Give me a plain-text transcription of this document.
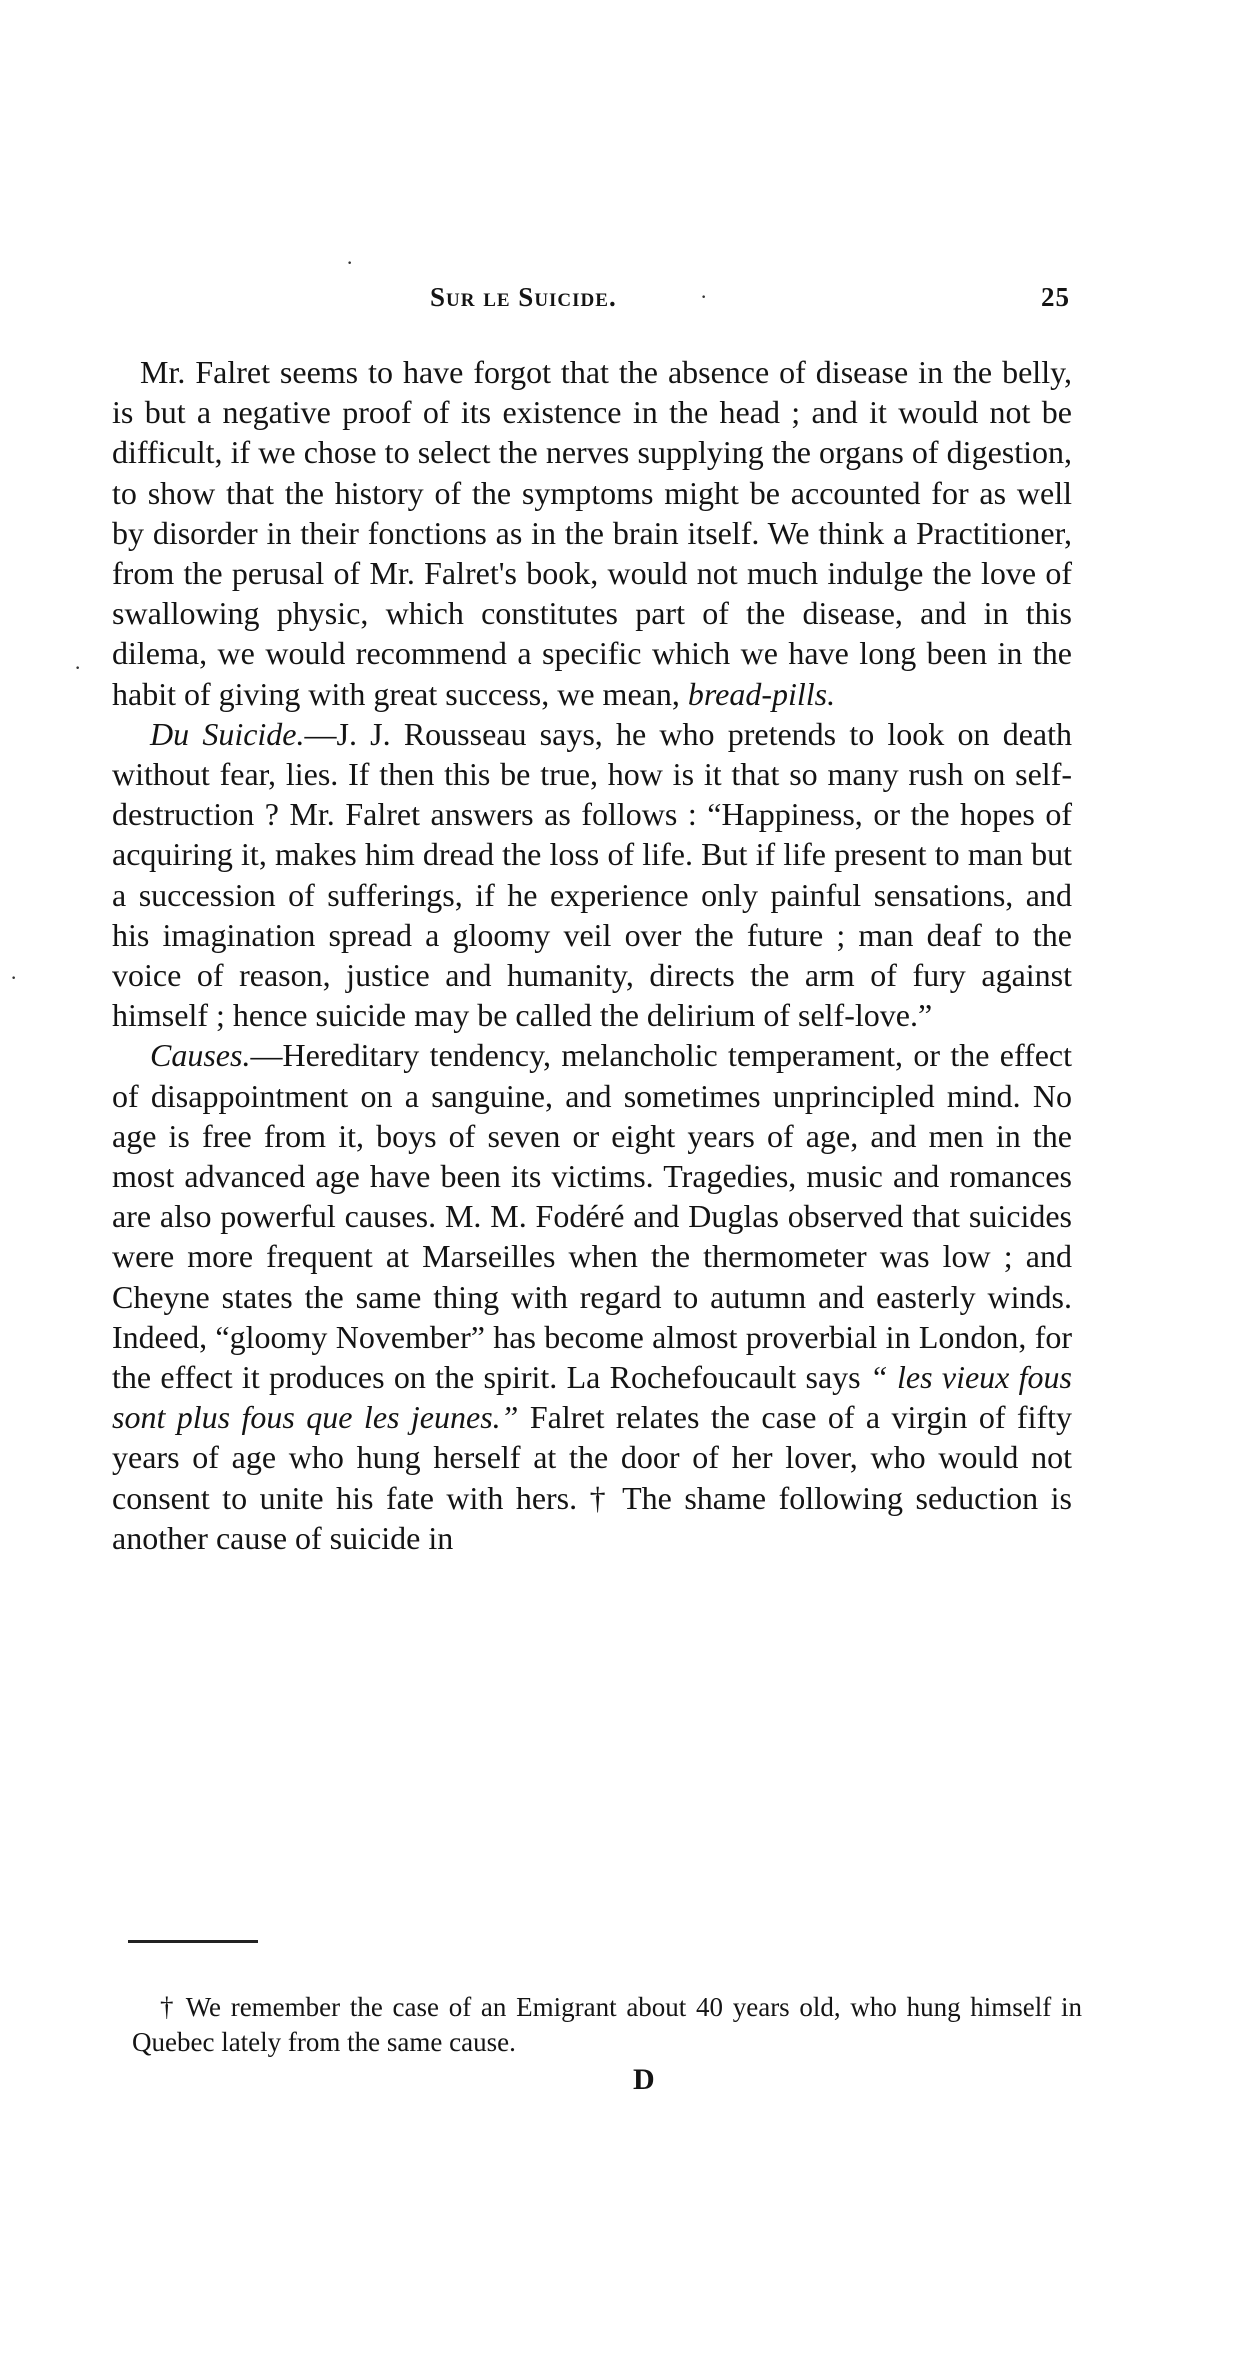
Sur le Suicide.	25
·
·
·
·

Mr. Falret seems to have forgot that the absence of disease in the belly, is but a negative proof of its existence in the head ; and it would not be difficult, if we chose to select the nerves supplying the organs of digestion, to show that the history of the symptoms might be accounted for as well by disorder in their fonctions as in the brain itself. We think a Practitioner, from the perusal of Mr. Falret's book, would not much indulge the love of swallowing physic, which constitutes part of the disease, and in this dilema, we would recommend a specific which we have long been in the habit of giving with great success, we mean, bread-pills.

Du Suicide.—J. J. Rousseau says, he who pretends to look on death without fear, lies. If then this be true, how is it that so many rush on self-destruction ? Mr. Falret answers as follows : “Happiness, or the hopes of acquiring it, makes him dread the loss of life. But if life present to man but a succession of sufferings, if he experience only painful sensations, and his imagination spread a gloomy veil over the future ; man deaf to the voice of reason, justice and humanity, directs the arm of fury against himself ; hence suicide may be called the delirium of self-love.”

Causes.—Hereditary tendency, melancholic temperament, or the effect of disappointment on a sanguine, and sometimes unprincipled mind. No age is free from it, boys of seven or eight years of age, and men in the most advanced age have been its victims. Tragedies, music and romances are also powerful causes. M. M. Fodéré and Duglas observed that suicides were more frequent at Marseilles when the thermometer was low ; and Cheyne states the same thing with regard to autumn and easterly winds. Indeed, “gloomy November” has become almost proverbial in London, for the effect it produces on the spirit. La Rochefoucault says “ les vieux fous sont plus fous que les jeunes.” Falret relates the case of a virgin of fifty years of age who hung herself at the door of her lover, who would not consent to unite his fate with hers. † The shame following seduction is another cause of suicide in

† We remember the case of an Emigrant about 40 years old, who hung himself in Quebec lately from the same cause.

D
